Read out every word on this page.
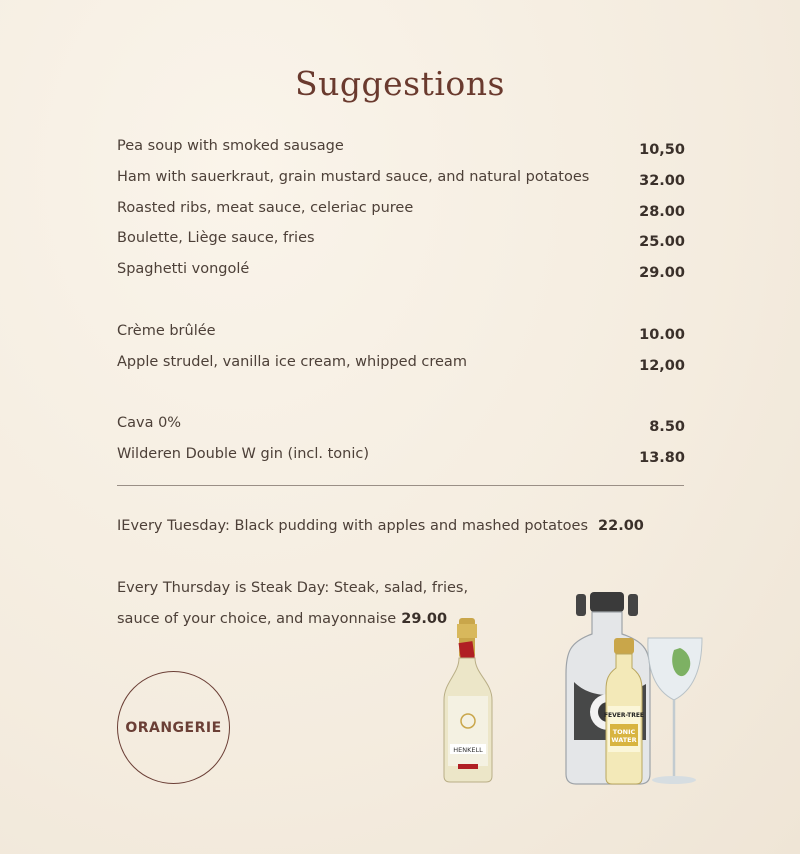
Suggestions
Pea soup with smoked sausage	10,50
Ham with sauerkraut, grain mustard sauce, and natural potatoes	32.00
Roasted ribs, meat sauce, celeriac puree	28.00
Boulette, Liège sauce, fries	25.00
Spaghetti vongolé	29.00
Crème brûlée	10.00
Apple strudel, vanilla ice cream, whipped cream	12,00
Cava 0%	8.50
Wilderen Double W gin (incl. tonic)	13.80
IEvery Tuesday: Black pudding with apples and mashed potatoes 22.00
Every Thursday is Steak Day: Steak, salad, fries,
sauce of your choice, and mayonnaise 29.00
ORANGERIE
HENKELL
FEVER-TREE
TONIC
WATER
